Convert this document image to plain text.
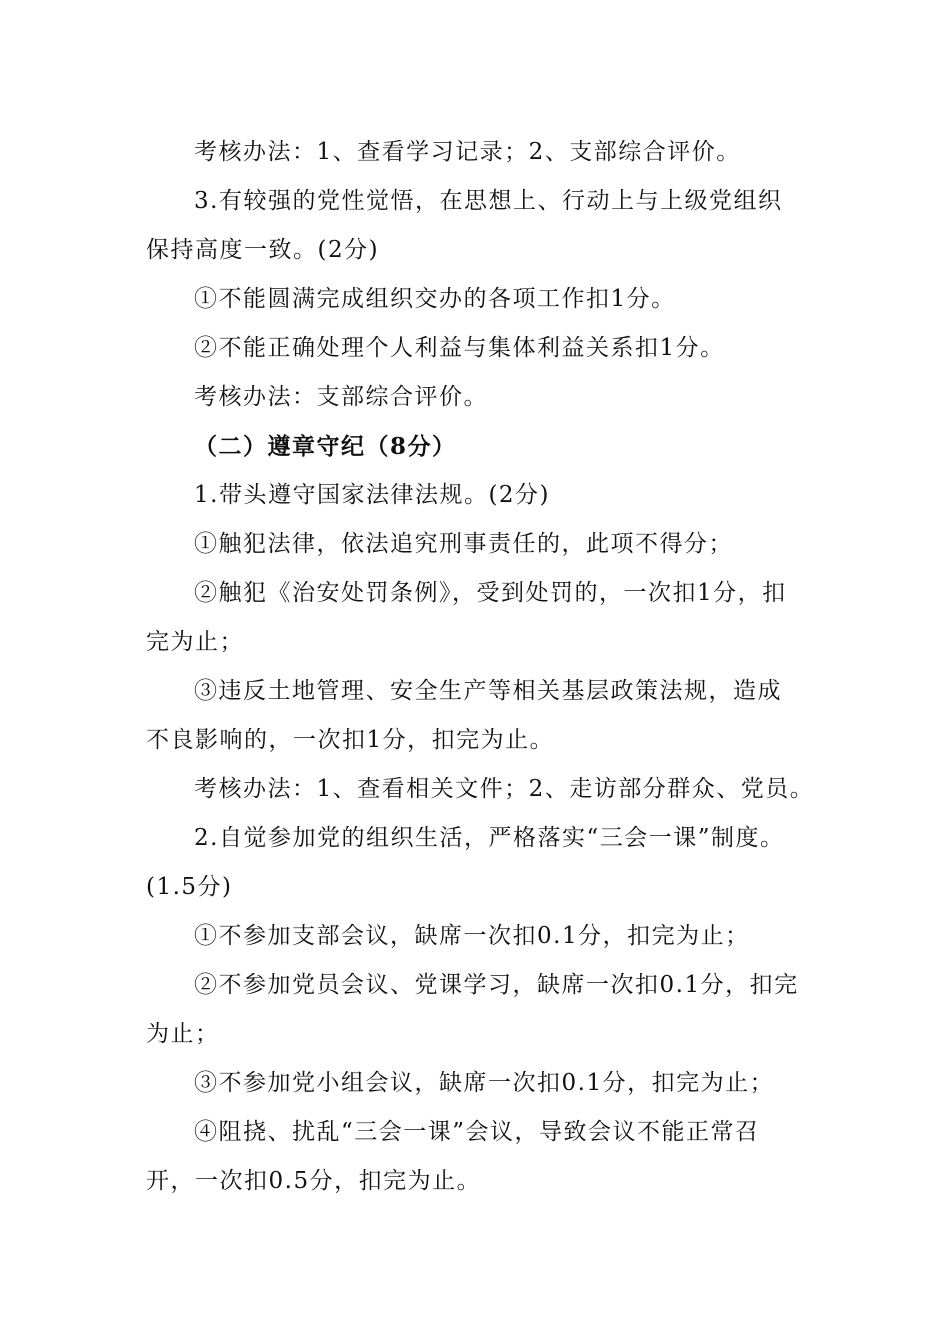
考核办法：1、查看学习记录；2、支部综合评价。

3.有较强的党性觉悟，在思想上、行动上与上级党组织

保持高度一致。(2分)

①不能圆满完成组织交办的各项工作扣1分。

②不能正确处理个人利益与集体利益关系扣1分。

考核办法：支部综合评价。

（二）遵章守纪（8分）

1.带头遵守国家法律法规。(2分)

①触犯法律，依法追究刑事责任的，此项不得分；

②触犯《治安处罚条例》，受到处罚的，一次扣1分，扣

完为止；

③违反土地管理、安全生产等相关基层政策法规，造成

不良影响的，一次扣1分，扣完为止。

考核办法：1、查看相关文件；2、走访部分群众、党员。

2.自觉参加党的组织生活，严格落实“三会一课”制度。

(1.5分)

①不参加支部会议，缺席一次扣0.1分，扣完为止；

②不参加党员会议、党课学习，缺席一次扣0.1分，扣完

为止；

③不参加党小组会议，缺席一次扣0.1分，扣完为止；

④阻挠、扰乱“三会一课”会议，导致会议不能正常召

开，一次扣0.5分，扣完为止。
